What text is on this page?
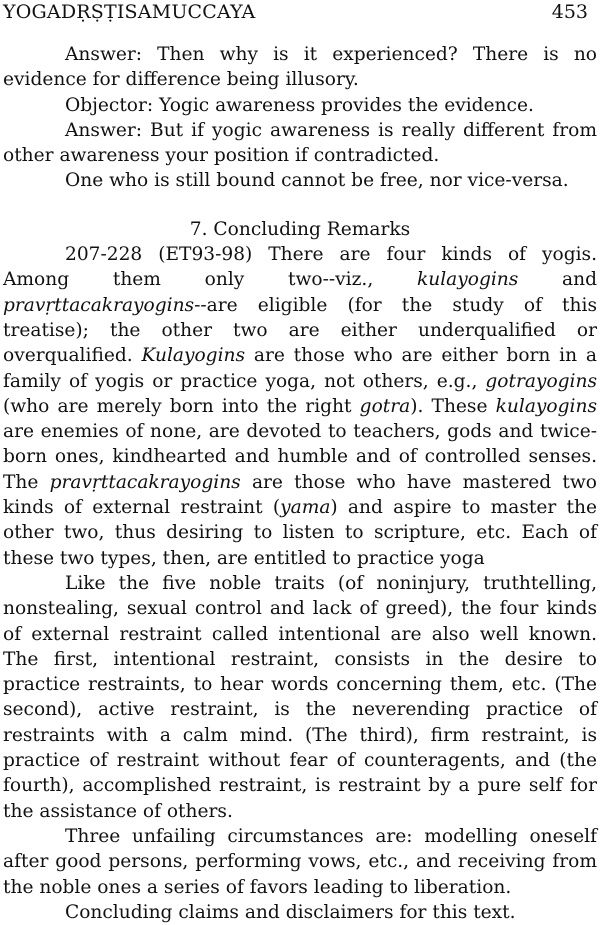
YOGADṚṢṬISAMUCCAYA	453

Answer: Then why is it experienced? There is no evidence for difference being illusory.

Objector: Yogic awareness provides the evidence.

Answer: But if yogic awareness is really different from other awareness your position if contradicted.

One who is still bound cannot be free, nor vice-versa.

7. Concluding Remarks

207-228 (ET93-98) There are four kinds of yogis. Among them only two--viz., kulayogins and pravṛttacakrayogins--are eligible (for the study of this treatise); the other two are either underqualified or overqualified. Kulayogins are those who are either born in a family of yogis or practice yoga, not others, e.g., gotrayogins (who are merely born into the right gotra). These kulayogins are enemies of none, are devoted to teachers, gods and twice-born ones, kindhearted and humble and of controlled senses. The pravṛttacakrayogins are those who have mastered two kinds of external restraint (yama) and aspire to master the other two, thus desiring to listen to scripture, etc. Each of these two types, then, are entitled to practice yoga

Like the five noble traits (of noninjury, truthtelling, nonstealing, sexual control and lack of greed), the four kinds of external restraint called intentional are also well known. The first, intentional restraint, consists in the desire to practice restraints, to hear words concerning them, etc. (The second), active restraint, is the neverending practice of restraints with a calm mind. (The third), firm restraint, is practice of restraint without fear of counteragents, and (the fourth), accomplished restraint, is restraint by a pure self for the assistance of others.

Three unfailing circumstances are: modelling oneself after good persons, performing vows, etc., and receiving from the noble ones a series of favors leading to liberation.

Concluding claims and disclaimers for this text.
